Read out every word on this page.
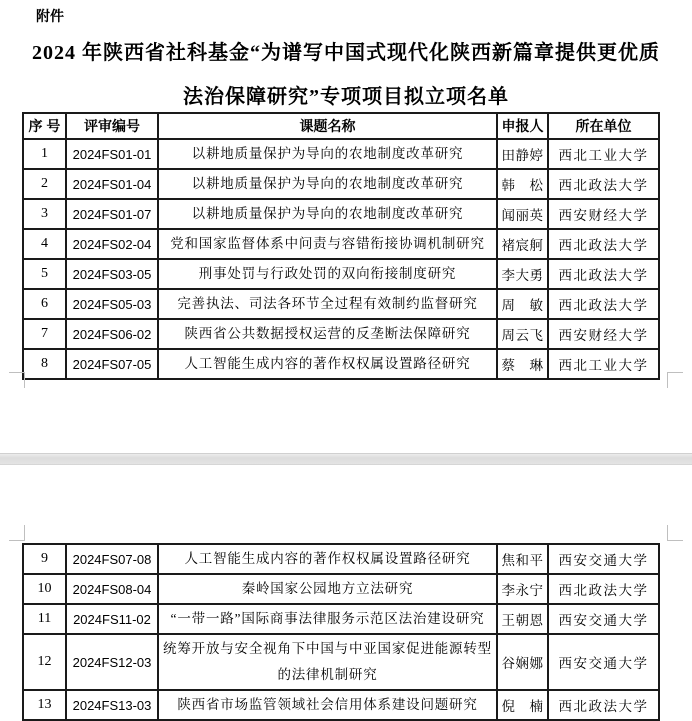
附件
2024 年陕西省社科基金“为谱写中国式现代化陕西新篇章提供更优质
法治保障研究”专项项目拟立项名单
序 号	评审编号	课题名称	申报人	所在单位
1	2024FS01-01	以耕地质量保护为导向的农地制度改革研究	田静婷	西北工业大学
2	2024FS01-04	以耕地质量保护为导向的农地制度改革研究	韩　松	西北政法大学
3	2024FS01-07	以耕地质量保护为导向的农地制度改革研究	闻丽英	西安财经大学
4	2024FS02-04	党和国家监督体系中问责与容错衔接协调机制研究	褚宸舸	西北政法大学
5	2024FS03-05	刑事处罚与行政处罚的双向衔接制度研究	李大勇	西北政法大学
6	2024FS05-03	完善执法、司法各环节全过程有效制约监督研究	周　敏	西北政法大学
7	2024FS06-02	陕西省公共数据授权运营的反垄断法保障研究	周云飞	西安财经大学
8	2024FS07-05	人工智能生成内容的著作权权属设置路径研究	蔡　琳	西北工业大学
9	2024FS07-08	人工智能生成内容的著作权权属设置路径研究	焦和平	西安交通大学
10	2024FS08-04	秦岭国家公园地方立法研究	李永宁	西北政法大学
11	2024FS11-02	“一带一路”国际商事法律服务示范区法治建设研究	王朝恩	西安交通大学
12	2024FS12-03	统筹开放与安全视角下中国与中亚国家促进能源转型的法律机制研究	谷娴娜	西安交通大学
13	2024FS13-03	陕西省市场监管领域社会信用体系建设问题研究	倪　楠	西北政法大学
